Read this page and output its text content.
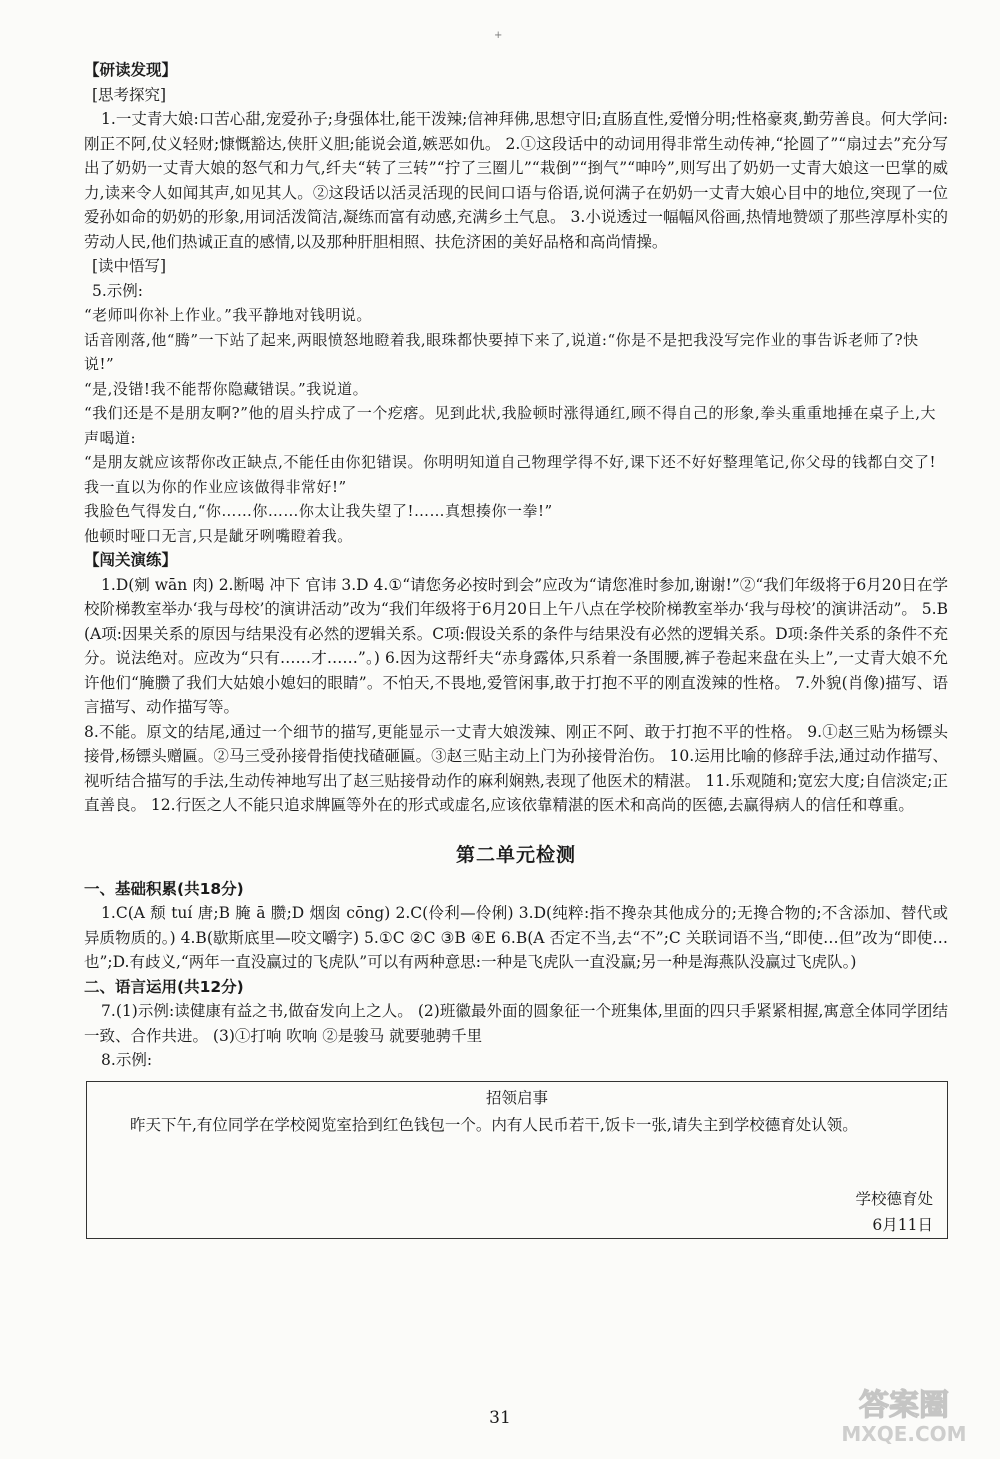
+

【研读发现】

[思考探究]

1.一丈青大娘:口苦心甜,宠爱孙子;身强体壮,能干泼辣;信神拜佛,思想守旧;直肠直性,爱憎分明;性格豪爽,勤劳善良。何大学问:刚正不阿,仗义轻财;慷慨豁达,侠肝义胆;能说会道,嫉恶如仇。 2.①这段话中的动词用得非常生动传神,“抡圆了”“扇过去”充分写出了奶奶一丈青大娘的怒气和力气,纤夫“转了三转”“拧了三圈儿”“栽倒”“捯气”“呻吟”,则写出了奶奶一丈青大娘这一巴掌的威力,读来令人如闻其声,如见其人。②这段话以活灵活现的民间口语与俗语,说何满子在奶奶一丈青大娘心目中的地位,突现了一位爱孙如命的奶奶的形象,用词活泼简洁,凝练而富有动感,充满乡土气息。 3.小说透过一幅幅风俗画,热情地赞颂了那些淳厚朴实的劳动人民,他们热诚正直的感情,以及那种肝胆相照、扶危济困的美好品格和高尚情操。

[读中悟写]

5.示例:

“老师叫你补上作业。”我平静地对钱明说。

话音刚落,他“腾”一下站了起来,两眼愤怒地瞪着我,眼珠都快要掉下来了,说道:“你是不是把我没写完作业的事告诉老师了?快说!”

“是,没错!我不能帮你隐藏错误。”我说道。

“我们还是不是朋友啊?”他的眉头拧成了一个疙瘩。见到此状,我脸顿时涨得通红,顾不得自己的形象,拳头重重地捶在桌子上,大声喝道:

“是朋友就应该帮你改正缺点,不能任由你犯错误。你明明知道自己物理学得不好,课下还不好好整理笔记,你父母的钱都白交了!我一直以为你的作业应该做得非常好!”

我脸色气得发白,“你……你……你太让我失望了!……真想揍你一拳!”

他顿时哑口无言,只是龇牙咧嘴瞪着我。

【闯关演练】

1.D(剜 wān 肉) 2.断喝 冲下 官讳 3.D 4.①“请您务必按时到会”应改为“请您准时参加,谢谢!”②“我们年级将于6月20日在学校阶梯教室举办‘我与母校’的演讲活动”改为“我们年级将于6月20日上午八点在学校阶梯教室举办‘我与母校’的演讲活动”。 5.B(A项:因果关系的原因与结果没有必然的逻辑关系。C项:假设关系的条件与结果没有必然的逻辑关系。D项:条件关系的条件不充分。说法绝对。应改为“只有……才……”。) 6.因为这帮纤夫“赤身露体,只系着一条围腰,裤子卷起来盘在头上”,一丈青大娘不允许他们“腌臜了我们大姑娘小媳妇的眼睛”。不怕天,不畏地,爱管闲事,敢于打抱不平的刚直泼辣的性格。 7.外貌(肖像)描写、语言描写、动作描写等。

8.不能。原文的结尾,通过一个细节的描写,更能显示一丈青大娘泼辣、刚正不阿、敢于打抱不平的性格。 9.①赵三贴为杨镖头接骨,杨镖头赠匾。②马三受孙接骨指使找碴砸匾。③赵三贴主动上门为孙接骨治伤。 10.运用比喻的修辞手法,通过动作描写、视听结合描写的手法,生动传神地写出了赵三贴接骨动作的麻利娴熟,表现了他医术的精湛。 11.乐观随和;宽宏大度;自信淡定;正直善良。 12.行医之人不能只追求牌匾等外在的形式或虚名,应该依靠精湛的医术和高尚的医德,去赢得病人的信任和尊重。

第二单元检测

一、基础积累(共18分)

1.C(A 颓 tuí 唐;B 腌 ā 臜;D 烟囱 cōng) 2.C(伶利—伶俐) 3.D(纯粹:指不搀杂其他成分的;无搀合物的;不含添加、替代或异质物质的。) 4.B(歇斯底里—咬文嚼字) 5.①C ②C ③B ④E 6.B(A 否定不当,去“不”;C 关联词语不当,“即使…但”改为“即使…也”;D.有歧义,“两年一直没赢过的飞虎队”可以有两种意思:一种是飞虎队一直没赢;另一种是海燕队没赢过飞虎队。)

二、语言运用(共12分)

7.(1)示例:读健康有益之书,做奋发向上之人。 (2)班徽最外面的圆象征一个班集体,里面的四只手紧紧相握,寓意全体同学团结一致、合作共进。 (3)①打响 吹响 ②是骏马 就要驰骋千里

8.示例:

招领启事

昨天下午,有位同学在学校阅览室拾到红色钱包一个。内有人民币若干,饭卡一张,请失主到学校德育处认领。

学校德育处
6月11日
31	答案圈
MXQE.COM
